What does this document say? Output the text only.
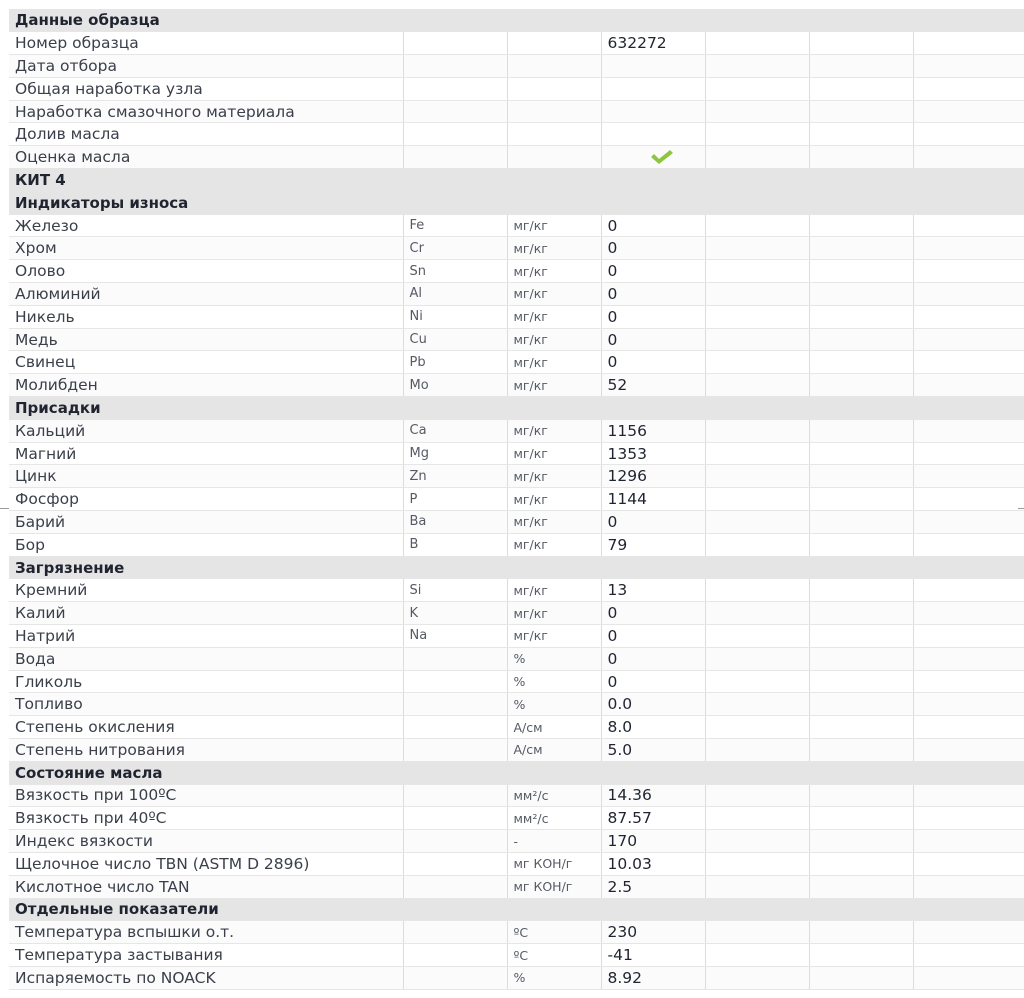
Данные образца						
Номер образца			632272			
Дата отбора						
Общая наработка узла						
Наработка смазочного материала						
Долив масла						
Оценка масла			

КИТ 4						
Индикаторы износа						
Железо	Fe	мг/кг	0			
Хром	Cr	мг/кг	0			
Олово	Sn	мг/кг	0			
Алюминий	Al	мг/кг	0			
Никель	Ni	мг/кг	0			
Медь	Cu	мг/кг	0			
Свинец	Pb	мг/кг	0			
Молибден	Mo	мг/кг	52			
Присадки						
Кальций	Ca	мг/кг	1156			
Магний	Mg	мг/кг	1353			
Цинк	Zn	мг/кг	1296			
Фосфор	P	мг/кг	1144			
Барий	Ba	мг/кг	0			
Бор	B	мг/кг	79			
Загрязнение						
Кремний	Si	мг/кг	13			
Калий	K	мг/кг	0			
Натрий	Na	мг/кг	0			
Вода		%	0			
Гликоль		%	0			
Топливо		%	0.0			
Степень окисления		А/см	8.0			
Степень нитрования		А/см	5.0			
Состояние масла						
Вязкость при 100ºC		мм²/с	14.36			
Вязкость при 40ºC		мм²/с	87.57			
Индекс вязкости		-	170			
Щелочное число TBN (ASTM D 2896)		мг КОН/г	10.03			
Кислотное число TAN		мг КОН/г	2.5			
Отдельные показатели						
Температура вспышки о.т.		ºC	230			
Температура застывания		ºC	-41			
Испаряемость по NOACK		%	8.92			
